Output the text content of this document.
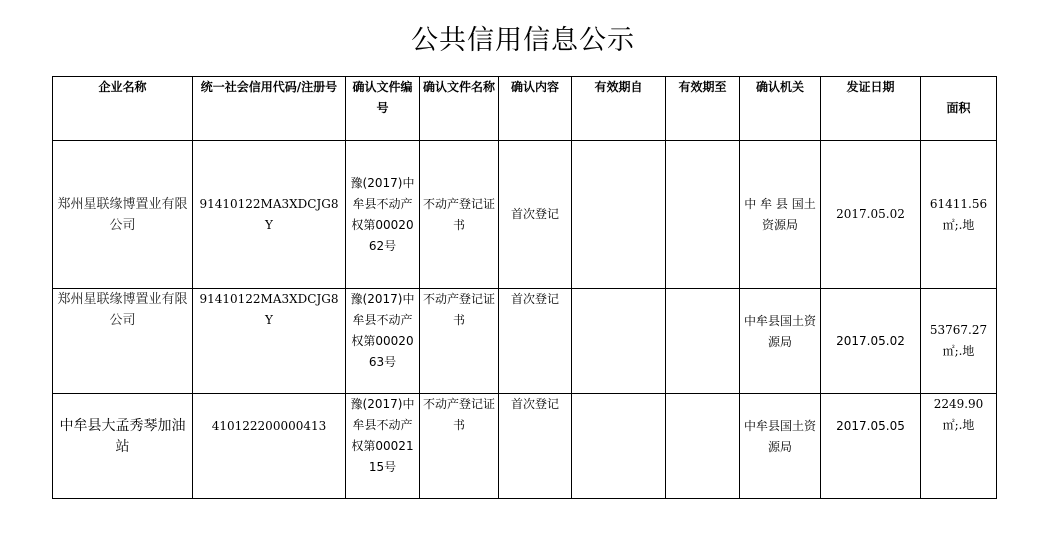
公共信用信息公示
企业名称	统一社会信用代码/注册号	确认文件编号	确认文件名称	确认内容	有效期自	有效期至	确认机关	发证日期	面积
郑州星联缘博置业有限公司	91410122MA3XDCJG8Y	豫(2017)中牟县不动产权第0002062号	不动产登记证书	首次登记			中 牟 县 国土资源局	2017.05.02	61411.56㎡;.地
郑州星联缘博置业有限公司	91410122MA3XDCJG8Y	豫(2017)中牟县不动产权第0002063号	不动产登记证书	首次登记			中牟县国土资源局	2017.05.02	53767.27㎡;.地
中牟县大孟秀琴加油站	410122200000413	豫(2017)中牟县不动产权第0002115号	不动产登记证书	首次登记			中牟县国土资源局	2017.05.05	2249.90㎡;.地
